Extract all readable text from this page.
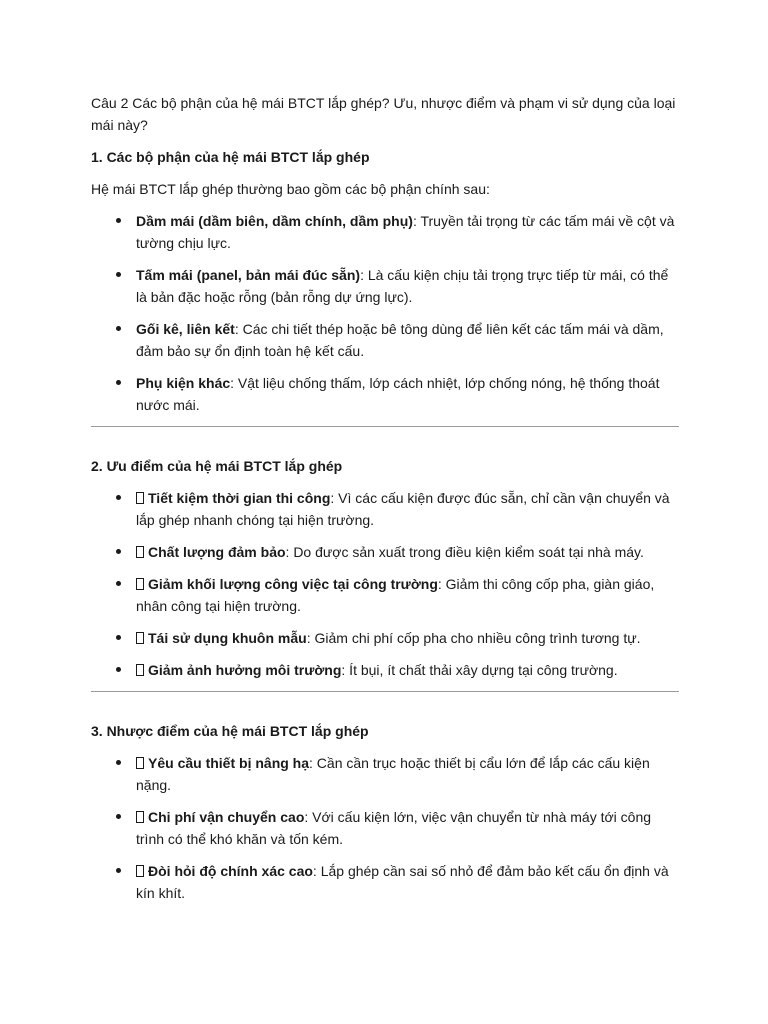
Câu 2 Các bộ phận của hệ mái BTCT lắp ghép? Ưu, nhược điểm và phạm vi sử dụng của loại mái này?

1. Các bộ phận của hệ mái BTCT lắp ghép

Hệ mái BTCT lắp ghép thường bao gồm các bộ phận chính sau:

Dầm mái (dầm biên, dầm chính, dầm phụ): Truyền tải trọng từ các tấm mái về cột và tường chịu lực.
Tấm mái (panel, bản mái đúc sẵn): Là cấu kiện chịu tải trọng trực tiếp từ mái, có thể là bản đặc hoặc rỗng (bản rỗng dự ứng lực).
Gối kê, liên kết: Các chi tiết thép hoặc bê tông dùng để liên kết các tấm mái và dầm, đảm bảo sự ổn định toàn hệ kết cấu.
Phụ kiện khác: Vật liệu chống thấm, lớp cách nhiệt, lớp chống nóng, hệ thống thoát nước mái.

2. Ưu điểm của hệ mái BTCT lắp ghép

Tiết kiệm thời gian thi công: Vì các cấu kiện được đúc sẵn, chỉ cần vận chuyển và lắp ghép nhanh chóng tại hiện trường.
Chất lượng đảm bảo: Do được sản xuất trong điều kiện kiểm soát tại nhà máy.
Giảm khối lượng công việc tại công trường: Giảm thi công cốp pha, giàn giáo, nhân công tại hiện trường.
Tái sử dụng khuôn mẫu: Giảm chi phí cốp pha cho nhiều công trình tương tự.
Giảm ảnh hưởng môi trường: Ít bụi, ít chất thải xây dựng tại công trường.

3. Nhược điểm của hệ mái BTCT lắp ghép

Yêu cầu thiết bị nâng hạ: Cần cần trục hoặc thiết bị cẩu lớn để lắp các cấu kiện nặng.
Chi phí vận chuyển cao: Với cấu kiện lớn, việc vận chuyển từ nhà máy tới công trình có thể khó khăn và tốn kém.
Đòi hỏi độ chính xác cao: Lắp ghép cần sai số nhỏ để đảm bảo kết cấu ổn định và kín khít.
